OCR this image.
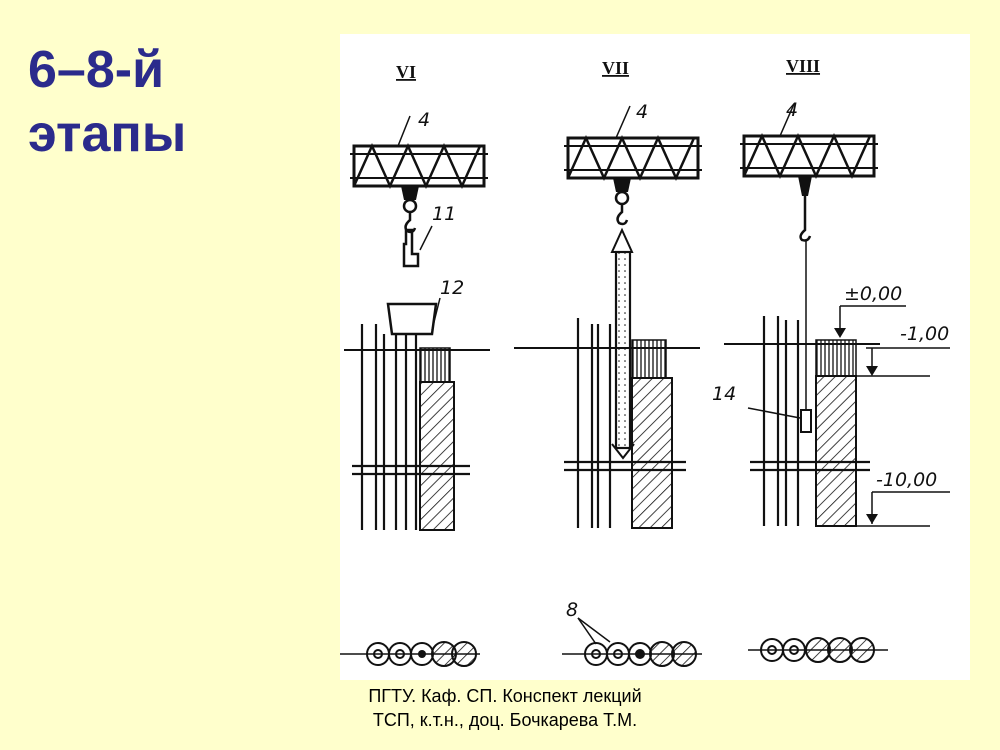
6–8-й
этапы
VI	VII	VIII
4
11
12
4
8
4
14
±0,00
-1,00
-10,00
ПГТУ. Каф. СП. Конспект лекций
ТСП, к.т.н., доц. Бочкарева Т.М.
